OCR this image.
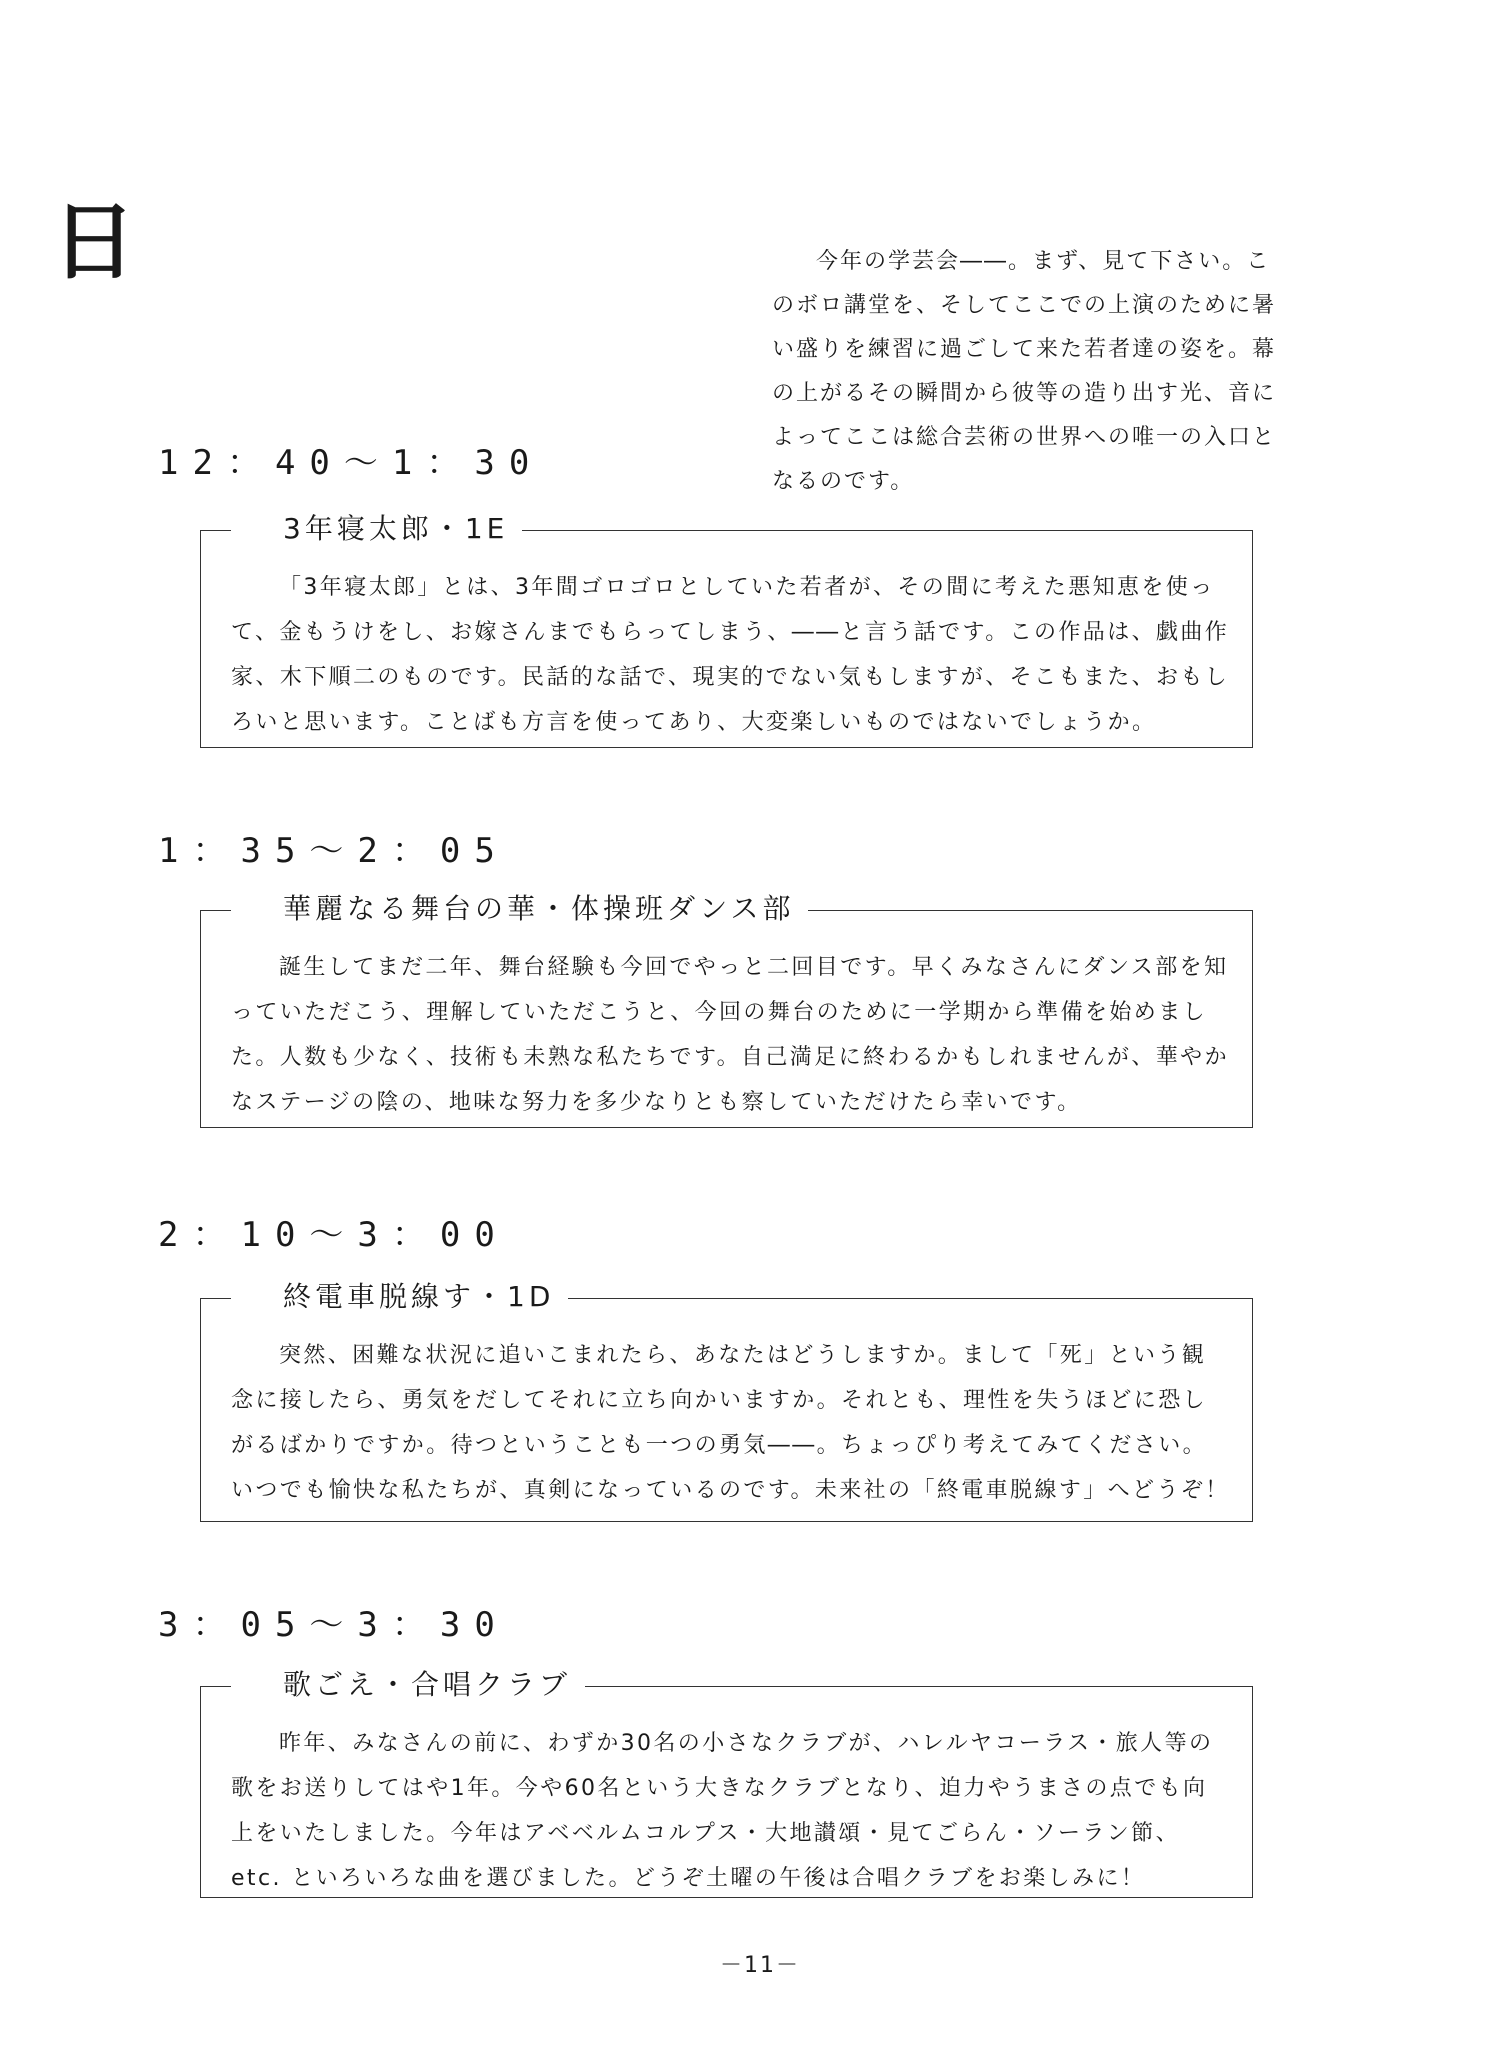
日	今年の学芸会――。まず、見て下さい。このボロ講堂を、そしてここでの上演のために暑い盛りを練習に過ごして来た若者達の姿を。幕の上がるその瞬間から彼等の造り出す光、音によってここは総合芸術の世界への唯一の入口となるのです。

12：40～1：30
3年寝太郎・1E

「3年寝太郎」とは、3年間ゴロゴロとしていた若者が、その間に考えた悪知恵を使って、金もうけをし、お嫁さんまでもらってしまう、――と言う話です。この作品は、戯曲作家、木下順二のものです。民話的な話で、現実的でない気もしますが、そこもまた、おもしろいと思います。ことばも方言を使ってあり、大変楽しいものではないでしょうか。

1：35～2：05
華麗なる舞台の華・体操班ダンス部

誕生してまだ二年、舞台経験も今回でやっと二回目です。早くみなさんにダンス部を知っていただこう、理解していただこうと、今回の舞台のために一学期から準備を始めました。人数も少なく、技術も未熟な私たちです。自己満足に終わるかもしれませんが、華やかなステージの陰の、地味な努力を多少なりとも察していただけたら幸いです。

2：10～3：00
終電車脱線す・1D

突然、困難な状況に追いこまれたら、あなたはどうしますか。まして「死」という観念に接したら、勇気をだしてそれに立ち向かいますか。それとも、理性を失うほどに恐しがるばかりですか。待つということも一つの勇気――。ちょっぴり考えてみてください。いつでも愉快な私たちが、真剣になっているのです。未来社の「終電車脱線す」へどうぞ！

3：05～3：30
歌ごえ・合唱クラブ

昨年、みなさんの前に、わずか30名の小さなクラブが、ハレルヤコーラス・旅人等の歌をお送りしてはや1年。今や60名という大きなクラブとなり、迫力やうまさの点でも向上をいたしました。今年はアベベルムコルプス・大地讃頌・見てごらん・ソーラン節、etc. といろいろな曲を選びました。どうぞ土曜の午後は合唱クラブをお楽しみに！

－11－
